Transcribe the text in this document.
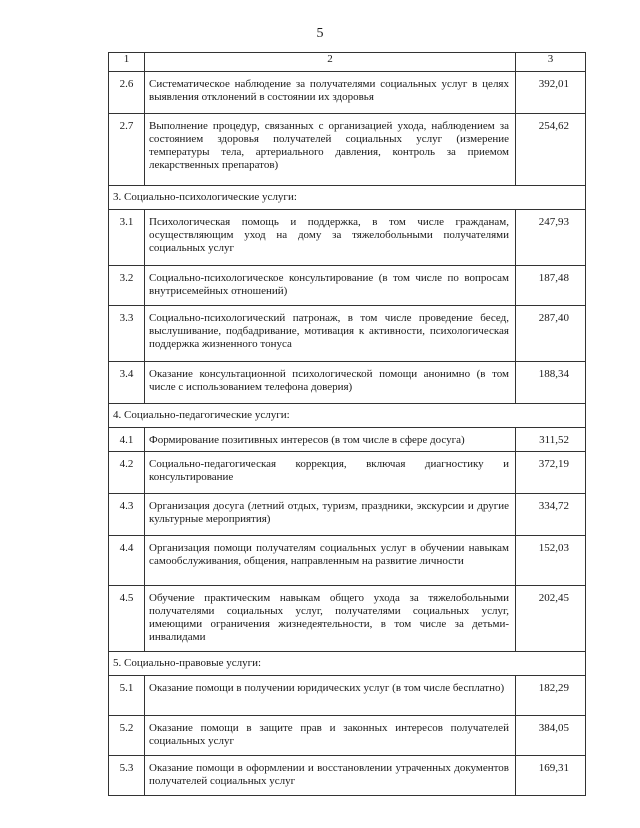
5
1	2	3
2.6	Систематическое наблюдение за получателями социальных услуг в целях выявления отклонений в состоянии их здоровья	392,01
2.7	Выполнение процедур, связанных с организацией ухода, наблюдением за состоянием здоровья получателей социальных услуг (измерение температуры тела, артериального давления, контроль за приемом лекарственных препаратов)	254,62
3. Социально-психологические услуги:		
3.1	Психологическая помощь и поддержка, в том числе гражданам, осуществляющим уход на дому за тяжелобольными получателями социальных услуг	247,93
3.2	Социально-психологическое консультирование (в том числе по вопросам внутрисемейных отношений)	187,48
3.3	Социально-психологический патронаж, в том числе проведение бесед, выслушивание, подбадривание, мотивация к активности, психологическая поддержка жизненного тонуса	287,40
3.4	Оказание консультационной психологической помощи анонимно (в том числе с использованием телефона доверия)	188,34
4. Социально-педагогические услуги:		
4.1	Формирование позитивных интересов (в том числе в сфере досуга)	311,52
4.2	Социально-педагогическая коррекция, включая диагностику и консультирование	372,19
4.3	Организация досуга (летний отдых, туризм, праздники, экскурсии и другие культурные мероприятия)	334,72
4.4	Организация помощи получателям социальных услуг в обучении навыкам самообслуживания, общения, направленным на развитие личности	152,03
4.5	Обучение практическим навыкам общего ухода за тяжелобольными получателями социальных услуг, получателями социальных услуг, имеющими ограничения жизнедеятельности, в том числе за детьми-инвалидами	202,45
5. Социально-правовые услуги:		
5.1	Оказание помощи в получении юридических услуг (в том числе бесплатно)	182,29
5.2	Оказание помощи в защите прав и законных интересов получателей социальных услуг	384,05
5.3	Оказание помощи в оформлении и восстановлении утраченных документов получателей социальных услуг	169,31
